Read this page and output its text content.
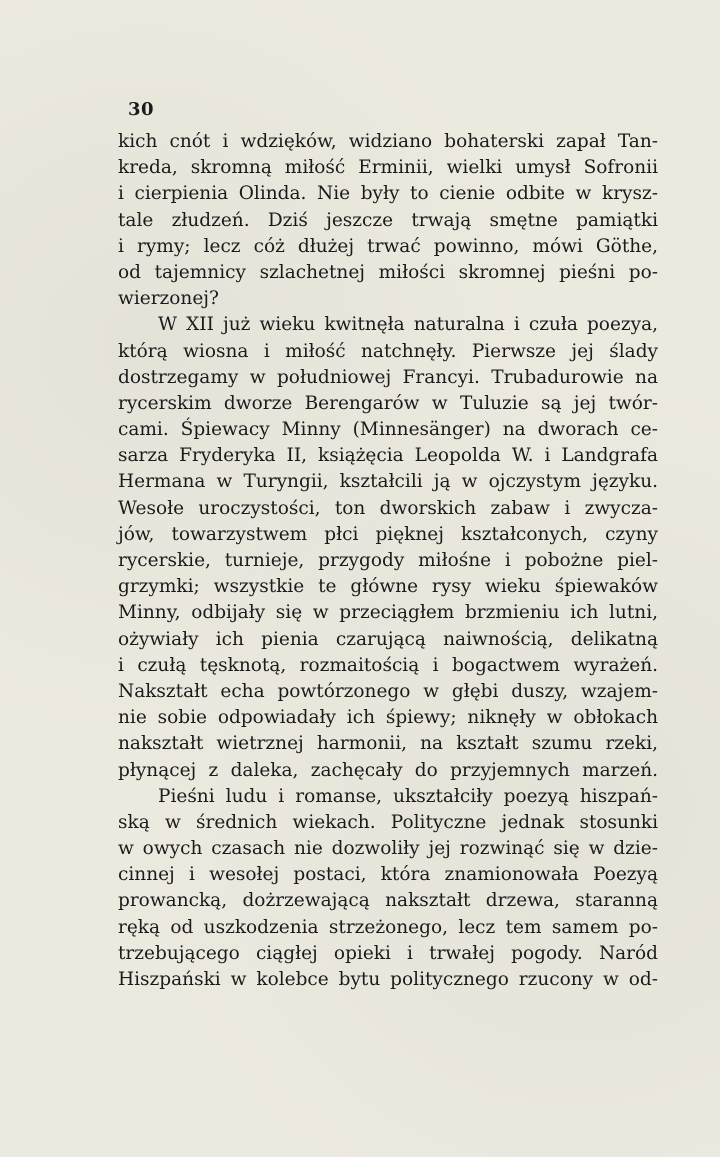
30
kich cnót i wdzięków, widziano bohaterski zapał Tan-
kreda, skromną miłość Erminii, wielki umysł Sofronii
i cierpienia Olinda. Nie były to cienie odbite w krysz-
tale złudzeń. Dziś jeszcze trwają smętne pamiątki
i rymy; lecz cóż dłużej trwać powinno, mówi Göthe,
od tajemnicy szlachetnej miłości skromnej pieśni po-
wierzonej?
W XII już wieku kwitnęła naturalna i czuła poezya,
którą wiosna i miłość natchnęły. Pierwsze jej ślady
dostrzegamy w południowej Francyi. Trubadurowie na
rycerskim dworze Berengarów w Tuluzie są jej twór-
cami. Śpiewacy Minny (Minnesänger) na dworach ce-
sarza Fryderyka II, książęcia Leopolda W. i Landgrafa
Hermana w Turyngii, kształcili ją w ojczystym języku.
Wesołe uroczystości, ton dworskich zabaw i zwycza-
jów, towarzystwem płci pięknej kształconych, czyny
rycerskie, turnieje, przygody miłośne i pobożne piel-
grzymki; wszystkie te główne rysy wieku śpiewaków
Minny, odbijały się w przeciągłem brzmieniu ich lutni,
ożywiały ich pienia czarującą naiwnością, delikatną
i czułą tęsknotą, rozmaitością i bogactwem wyrażeń.
Nakształt echa powtórzonego w głębi duszy, wzajem-
nie sobie odpowiadały ich śpiewy; niknęły w obłokach
nakształt wietrznej harmonii, na kształt szumu rzeki,
płynącej z daleka, zachęcały do przyjemnych marzeń.
Pieśni ludu i romanse, ukształciły poezyą hiszpań-
ską w średnich wiekach. Polityczne jednak stosunki
w owych czasach nie dozwoliły jej rozwinąć się w dzie-
cinnej i wesołej postaci, która znamionowała Poezyą
prowancką, dożrzewającą nakształt drzewa, staranną
ręką od uszkodzenia strzeżonego, lecz tem samem po-
trzebującego ciągłej opieki i trwałej pogody. Naród
Hiszpański w kolebce bytu politycznego rzucony w od-
